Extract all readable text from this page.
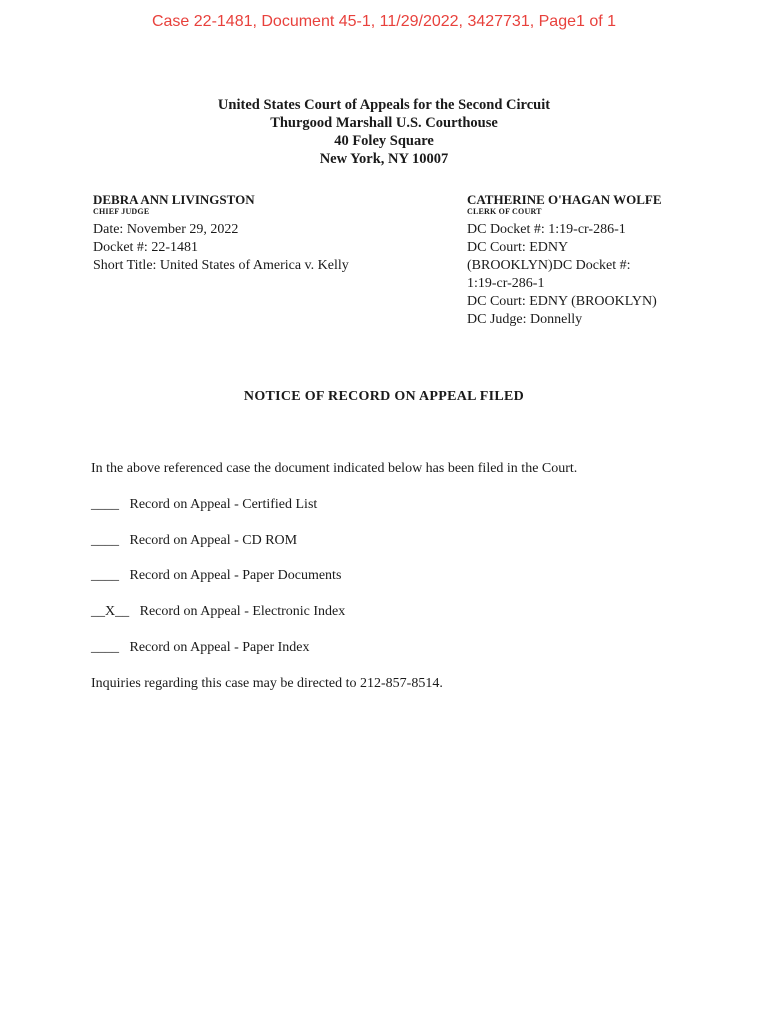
Case 22-1481, Document 45-1, 11/29/2022, 3427731, Page1 of 1
United States Court of Appeals for the Second Circuit
Thurgood Marshall U.S. Courthouse
40 Foley Square
New York, NY 10007
DEBRA ANN LIVINGSTON
CHIEF JUDGE
Date: November 29, 2022
Docket #: 22-1481
Short Title: United States of America v. Kelly
CATHERINE O'HAGAN WOLFE
CLERK OF COURT
DC Docket #: 1:19-cr-286-1
DC Court: EDNY
(BROOKLYN)DC Docket #:
1:19-cr-286-1
DC Court: EDNY (BROOKLYN)
DC Judge: Donnelly
NOTICE OF RECORD ON APPEAL FILED
In the above referenced case the document indicated below has been filed in the Court.
____   Record on Appeal - Certified List
____   Record on Appeal - CD ROM
____   Record on Appeal - Paper Documents
__X__   Record on Appeal - Electronic Index
____   Record on Appeal - Paper Index
Inquiries regarding this case may be directed to 212-857-8514.
